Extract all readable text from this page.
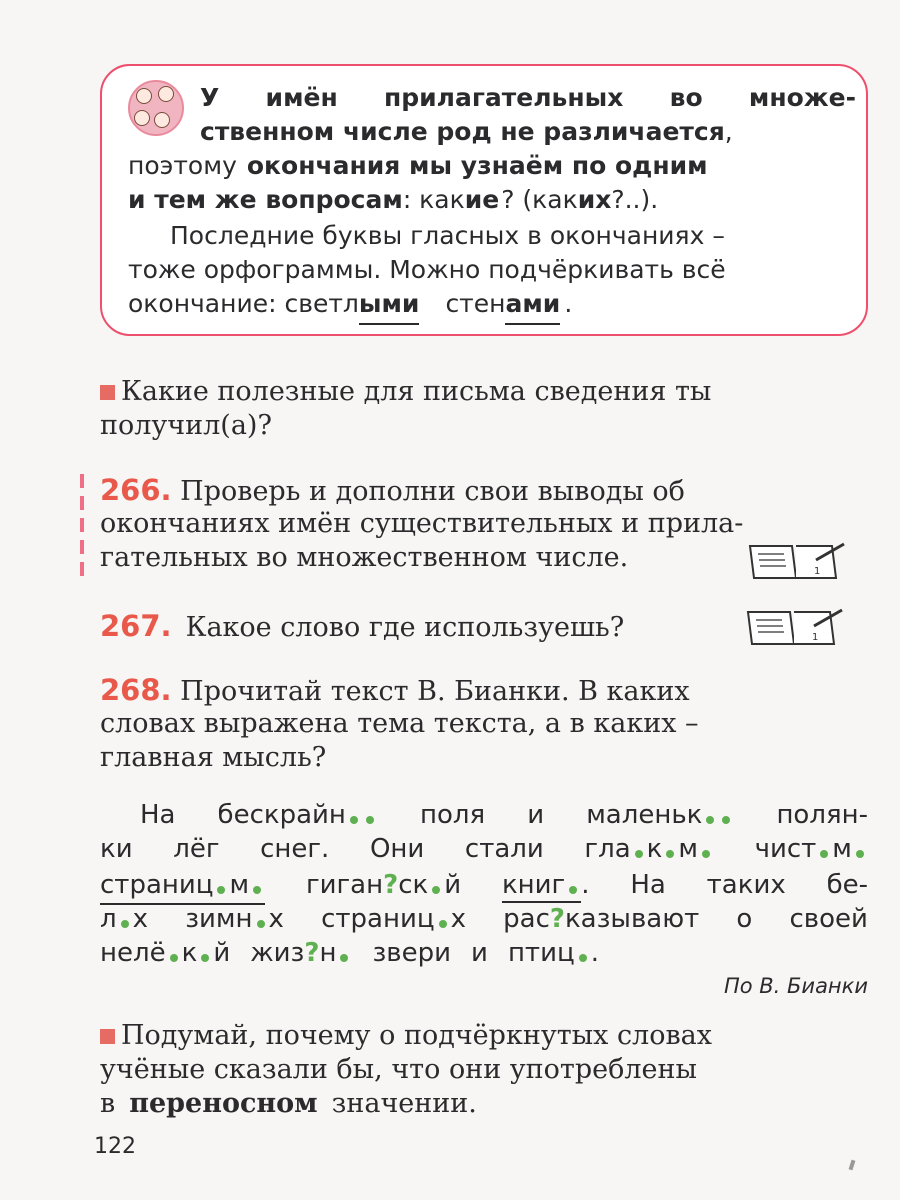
У имён прилагательных во множе-
ственном числе род не различается ,
поэтому окончания мы узнаём по одним
и тем же вопросам : как ие ? (как их ?..).
Последние буквы гласных в окончаниях –
тоже орфограммы. Можно подчёркивать всё
окончание: светл ыми стен ами .
Какие полезные для письма сведения ты
получил(а)?
266. Проверь и дополни свои выводы об
окончаниях имён существительных и прила-
гательных во множественном числе.	1
267. Какое слово где используешь?	1
268. Прочитай текст В. Бианки. В каких
словах выражена тема текста, а в каких –
главная мысль?
На бескрайн	поля и маленьк	полян-
ки лёг снег. Они стали гла к м	чист м
страниц м	гиган?ск й книг . На таких бе-
л х зимн х страниц х рас?казывают о своей
нелё к й жиз?н	звери и птиц .
По В. Бианки
Подумай, почему о подчёркнутых словах
учёные сказали бы, что они употреблены
в переносном значении.
122
